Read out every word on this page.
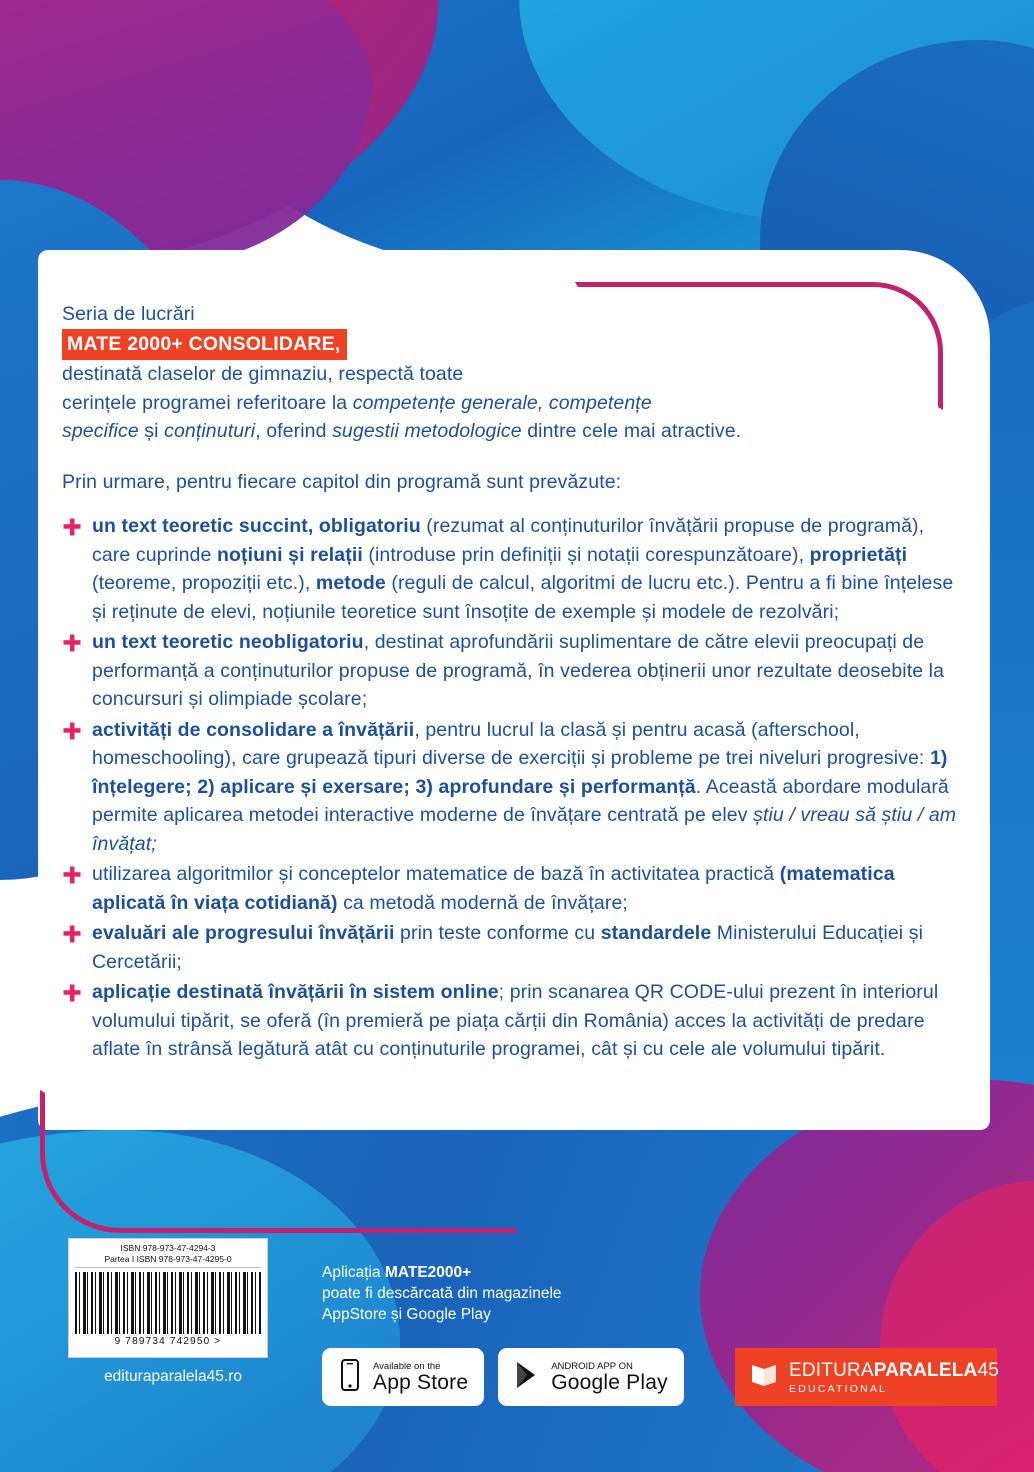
Seria de lucrări

MATE 2000+ CONSOLIDARE,

destinată claselor de gimnaziu, respectă toate

cerințele programei referitoare la competențe generale, competențe

specifice și conținuturi, oferind sugestii metodologice dintre cele mai atractive.

Prin urmare, pentru fiecare capitol din programă sunt prevăzute:

un text teoretic succint, obligatoriu (rezumat al conținuturilor învățării propuse de programă), care cuprinde noțiuni și relații (introduse prin definiții și notații corespunzătoare), proprietăți (teoreme, propoziții etc.), metode (reguli de calcul, algoritmi de lucru etc.). Pentru a fi bine înțelese și reținute de elevi, noțiunile teoretice sunt însoțite de exemple și modele de rezolvări;
un text teoretic neobligatoriu, destinat aprofundării suplimentare de către elevii preocupați de performanță a conținuturilor propuse de programă, în vederea obținerii unor rezultate deosebite la concursuri și olimpiade școlare;
activități de consolidare a învățării, pentru lucrul la clasă și pentru acasă (afterschool, homeschooling), care grupează tipuri diverse de exerciții și probleme pe trei niveluri progresive: 1) înțelegere; 2) aplicare și exersare; 3) aprofundare și performanță. Această abordare modulară permite aplicarea metodei interactive moderne de învățare centrată pe elev știu / vreau să știu / am învățat;
utilizarea algoritmilor și conceptelor matematice de bază în activitatea practică (matematica aplicată în viața cotidiană) ca metodă modernă de învățare;
evaluări ale progresului învățării prin teste conforme cu standardele Ministerului Educației și Cercetării;
aplicație destinată învățării în sistem online; prin scanarea QR CODE-ului prezent în interiorul volumului tipărit, se oferă (în premieră pe piața cărții din România) acces la activități de predare aflate în strânsă legătură atât cu conținuturile programei, cât și cu cele ale volumului tipărit.
ISBN 978-973-47-4294-3
Partea I ISBN 978-973-47-4295-0
9 789734 742950 >
edituraparalela45.ro
Aplicația MATE2000+
poate fi descărcată din magazinele
AppStore și Google Play
Available on the
App Store
ANDROID APP ON
Google Play
EDITURAPARALELA45
EDUCATIONAL
